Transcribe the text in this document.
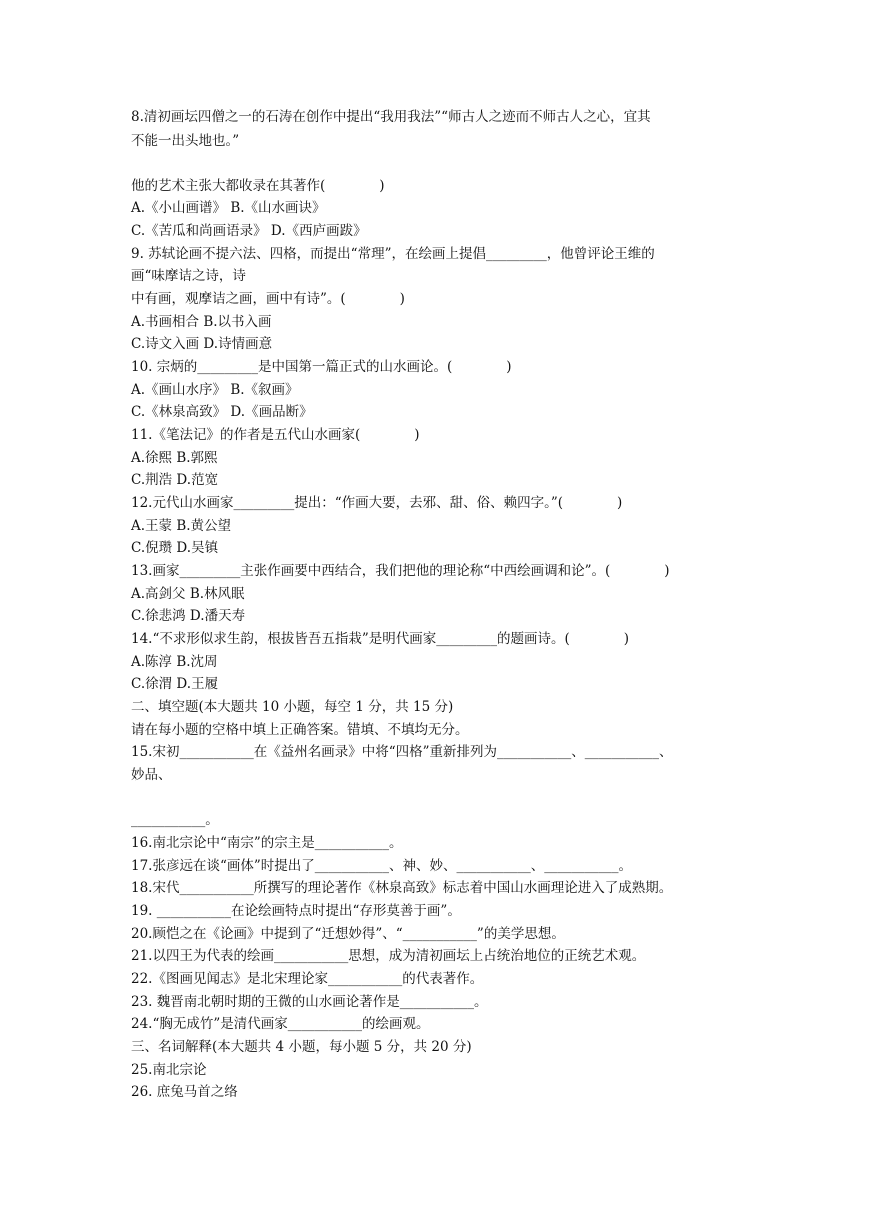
8.清初画坛四僧之一的石涛在创作中提出“我用我法”“师古人之迹而不师古人之心，宜其
不能一出头地也。”
他的艺术主张大都收录在其著作(　　　　)
A.《小山画谱》 B.《山水画诀》
C.《苦瓜和尚画语录》 D.《西庐画跋》
9. 苏轼论画不提六法、四格，而提出“常理”，在绘画上提倡_________，他曾评论王维的
画“味摩诘之诗，诗
中有画，观摩诘之画，画中有诗”。(　　　　)
A.书画相合 B.以书入画
C.诗文入画 D.诗情画意
10. 宗炳的_________是中国第一篇正式的山水画论。(　　　　)
A.《画山水序》 B.《叙画》
C.《林泉高致》 D.《画品断》
11.《笔法记》的作者是五代山水画家(　　　　)
A.徐熙 B.郭熙
C.荆浩 D.范宽
12.元代山水画家_________提出：“作画大要，去邪、甜、俗、赖四字。”(　　　　)
A.王蒙 B.黄公望
C.倪瓒 D.吴镇
13.画家_________主张作画要中西结合，我们把他的理论称“中西绘画调和论”。(　　　　)
A.高剑父 B.林风眠
C.徐悲鸿 D.潘天寿
14.“不求形似求生韵，根拔皆吾五指栽”是明代画家_________的题画诗。(　　　　)
A.陈淳 B.沈周
C.徐渭 D.王履
二、填空题(本大题共 10 小题，每空 1 分，共 15 分)
请在每小题的空格中填上正确答案。错填、不填均无分。
15.宋初___________在《益州名画录》中将“四格”重新排列为___________、___________、
妙品、
___________。
16.南北宗论中“南宗”的宗主是___________。
17.张彦远在谈“画体”时提出了___________、神、妙、___________、___________。
18.宋代___________所撰写的理论著作《林泉高致》标志着中国山水画理论进入了成熟期。
19. ___________在论绘画特点时提出“存形莫善于画”。
20.顾恺之在《论画》中提到了“迁想妙得”、“___________”的美学思想。
21.以四王为代表的绘画___________思想，成为清初画坛上占统治地位的正统艺术观。
22.《图画见闻志》是北宋理论家___________的代表著作。
23. 魏晋南北朝时期的王微的山水画论著作是___________。
24.“胸无成竹”是清代画家___________的绘画观。
三、名词解释(本大题共 4 小题，每小题 5 分，共 20 分)
25.南北宗论
26. 庶兔马首之络
